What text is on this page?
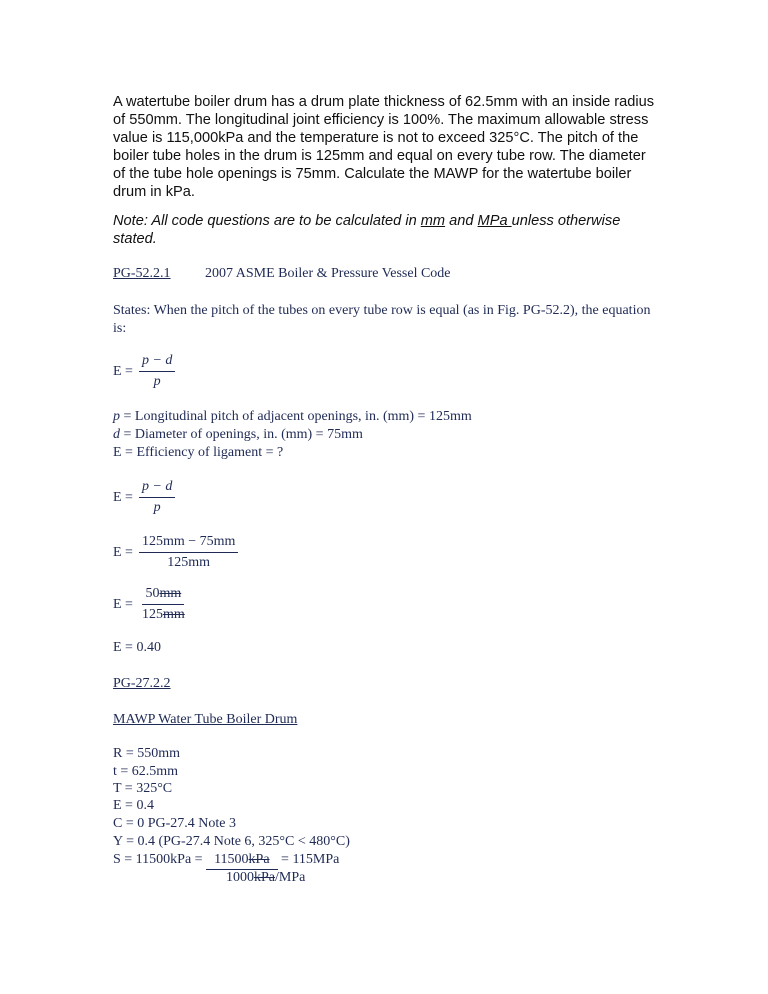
A watertube boiler drum has a drum plate thickness of 62.5mm with an inside radius of 550mm. The longitudinal joint efficiency is 100%. The maximum allowable stress value is 115,000kPa and the temperature is not to exceed 325°C. The pitch of the boiler tube holes in the drum is 125mm and equal on every tube row. The diameter of the tube hole openings is 75mm. Calculate the MAWP for the watertube boiler drum in kPa.

Note: All code questions are to be calculated in mm and MPa unless otherwise stated.

PG-52.2.1 2007 ASME Boiler & Pressure Vessel Code
States: When the pitch of the tubes on every tube row is equal (as in Fig. PG-52.2), the equation is:
$E = \frac{p - d}{p}$
p = Longitudinal pitch of adjacent openings, in. (mm) = 125mm
d = Diameter of openings, in. (mm) = 75mm
E = Efficiency of ligament = ?
$E = \frac{p - d}{p}$
$E = \frac{125mm - 75mm}{125mm}$
$E = \frac{50mm}{125mm}$
E = 0.40
PG-27.2.2
MAWP Water Tube Boiler Drum
R = 550mm
t = 62.5mm
T = 325°C
E = 0.4
C = 0 PG-27.4 Note 3
Y = 0.4 (PG-27.4 Note 6, 325°C < 480°C)
S = 11500kPa = 11500kPa = 115MPa
1000kPa/MPa
